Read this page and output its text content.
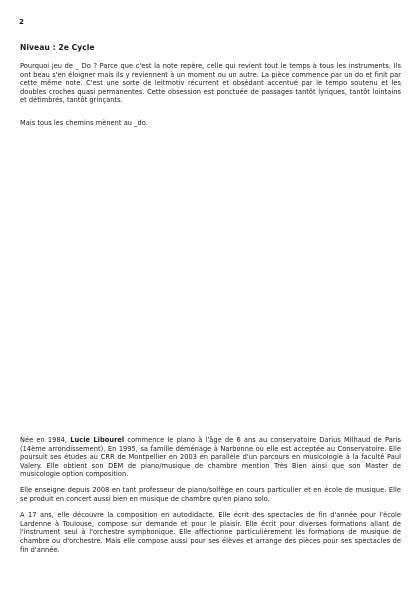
2
Niveau : 2e Cycle

Pourquoi jeu de _ Do ? Parce que c'est la note repère, celle qui revient tout le temps à tous les instruments. Ils ont beau s'en éloigner mais ils y reviennent à un moment ou un autre. La pièce commence par un do et finit par cette même note. C'est une sorte de leitmotiv récurrent et obsédant accentué par le tempo soutenu et les doubles croches quasi permanentes. Cette obsession est ponctuée de passages tantôt lyriques, tantôt lointains et détimbrés, tantôt grinçants.

Mais tous les chemins mènent au _do.

Née en 1984, Lucie Libourel commence le piano à l'âge de 6 ans au conservatoire Darius Milhaud de Paris (14ème arrondissement). En 1995, sa famille déménage à Narbonne où elle est acceptée au Conservatoire. Elle poursuit ses études au CRR de Montpellier en 2003 en parallèle d'un parcours en musicologie à la faculté Paul Valery. Elle obtient son DEM de piano/musique de chambre mention Très Bien ainsi que son Master de musicologie option composition.

Elle enseigne depuis 2008 en tant professeur de piano/solfège en cours particulier et en école de musique. Elle se produit en concert aussi bien en musique de chambre qu'en piano solo.

A 17 ans, elle découvre la composition en autodidacte. Elle écrit des spectacles de fin d'année pour l'école Lardenne à Toulouse, compose sur demande et pour le plaisir. Elle écrit pour diverses formations allant de l'instrument seul à l'orchestre symphonique. Elle affectionne particulièrement les formations de musique de chambre ou d'orchestre. Mais elle compose aussi pour ses élèves et arrange des pièces pour ses spectacles de fin d'année.
